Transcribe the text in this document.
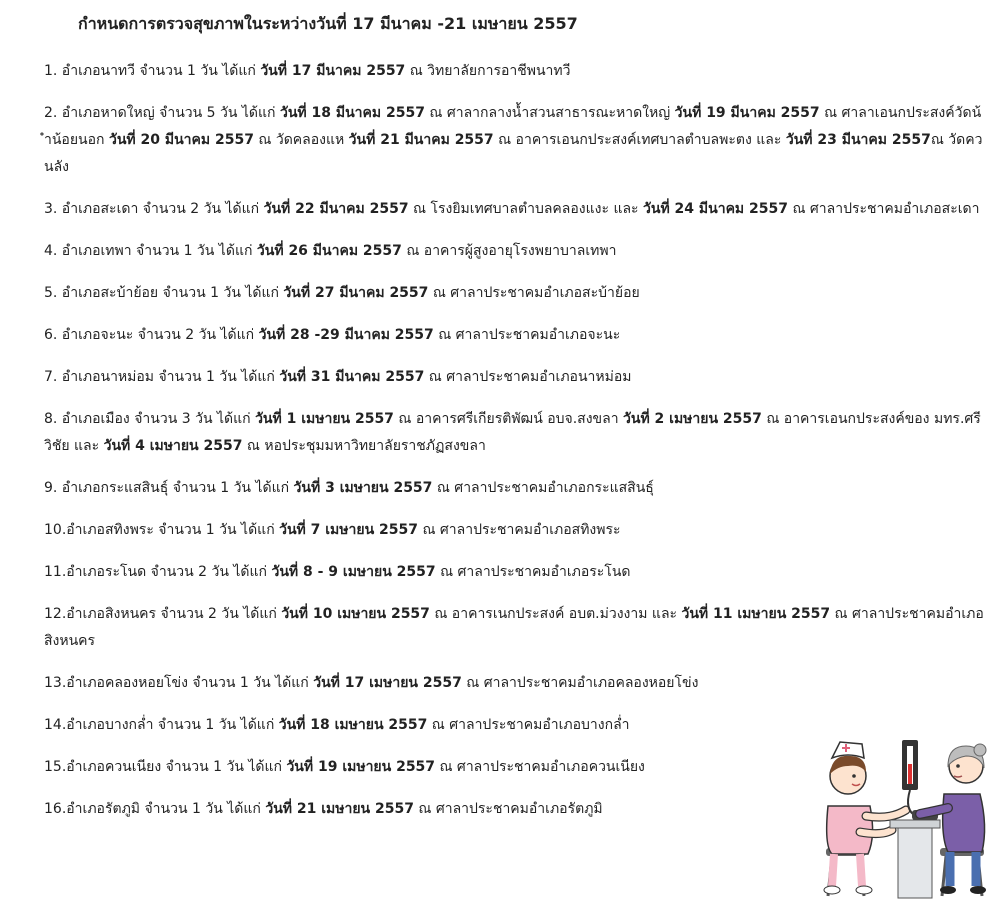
กำหนดการตรวจสุขภาพในระหว่างวันที่ 17 มีนาคม -21 เมษายน 2557
1. อำเภอนาทวี จำนวน 1 วัน ได้แก่ วันที่ 17 มีนาคม 2557 ณ วิทยาลัยการอาชีพนาทวี
2. อำเภอหาดใหญ่ จำนวน 5 วัน ได้แก่ วันที่ 18 มีนาคม 2557 ณ ศาลากลางน้ำสวนสาธารณะหาดใหญ่ วันที่ 19 มีนาคม 2557 ณ ศาลาเอนกประสงค์วัดน้ำน้อยนอก วันที่ 20 มีนาคม 2557 ณ วัดคลองแห วันที่ 21 มีนาคม 2557 ณ อาคารเอนกประสงค์เทศบาลตำบลพะตง และ วันที่ 23 มีนาคม 2557ณ วัดควนลัง
3. อำเภอสะเดา จำนวน 2 วัน ได้แก่ วันที่ 22 มีนาคม 2557 ณ โรงยิมเทศบาลตำบลคลองแงะ และ วันที่ 24 มีนาคม 2557 ณ ศาลาประชาคมอำเภอสะเดา
4. อำเภอเทพา จำนวน 1 วัน ได้แก่ วันที่ 26 มีนาคม 2557 ณ อาคารผู้สูงอายุโรงพยาบาลเทพา
5. อำเภอสะบ้าย้อย จำนวน 1 วัน ได้แก่ วันที่ 27 มีนาคม 2557 ณ ศาลาประชาคมอำเภอสะบ้าย้อย
6. อำเภอจะนะ จำนวน 2 วัน ได้แก่ วันที่ 28 -29 มีนาคม 2557 ณ ศาลาประชาคมอำเภอจะนะ
7. อำเภอนาหม่อม จำนวน 1 วัน ได้แก่ วันที่ 31 มีนาคม 2557 ณ ศาลาประชาคมอำเภอนาหม่อม
8. อำเภอเมือง จำนวน 3 วัน ได้แก่ วันที่ 1 เมษายน 2557 ณ อาคารศรีเกียรติพัฒน์ อบจ.สงขลา วันที่ 2 เมษายน 2557 ณ อาคารเอนกประสงค์ของ มทร.ศรีวิชัย และ วันที่ 4 เมษายน 2557 ณ หอประชุมมหาวิทยาลัยราชภัฏสงขลา
9. อำเภอกระแสสินธุ์ จำนวน 1 วัน ได้แก่ วันที่ 3 เมษายน 2557 ณ ศาลาประชาคมอำเภอกระแสสินธุ์
10.อำเภอสทิงพระ จำนวน 1 วัน ได้แก่ วันที่ 7 เมษายน 2557 ณ ศาลาประชาคมอำเภอสทิงพระ
11.อำเภอระโนด จำนวน 2 วัน ได้แก่ วันที่ 8 - 9 เมษายน 2557 ณ ศาลาประชาคมอำเภอระโนด
12.อำเภอสิงหนคร จำนวน 2 วัน ได้แก่ วันที่ 10 เมษายน 2557 ณ อาคารเนกประสงค์ อบต.ม่วงงาม และ วันที่ 11 เมษายน 2557 ณ ศาลาประชาคมอำเภอสิงหนคร
13.อำเภอคลองหอยโข่ง จำนวน 1 วัน ได้แก่ วันที่ 17 เมษายน 2557 ณ ศาลาประชาคมอำเภอคลองหอยโข่ง
14.อำเภอบางกล่ำ จำนวน 1 วัน ได้แก่ วันที่ 18 เมษายน 2557 ณ ศาลาประชาคมอำเภอบางกล่ำ
15.อำเภอควนเนียง จำนวน 1 วัน ได้แก่ วันที่ 19 เมษายน 2557 ณ ศาลาประชาคมอำเภอควนเนียง
16.อำเภอรัตภูมิ จำนวน 1 วัน ได้แก่ วันที่ 21 เมษายน 2557 ณ ศาลาประชาคมอำเภอรัตภูมิ
